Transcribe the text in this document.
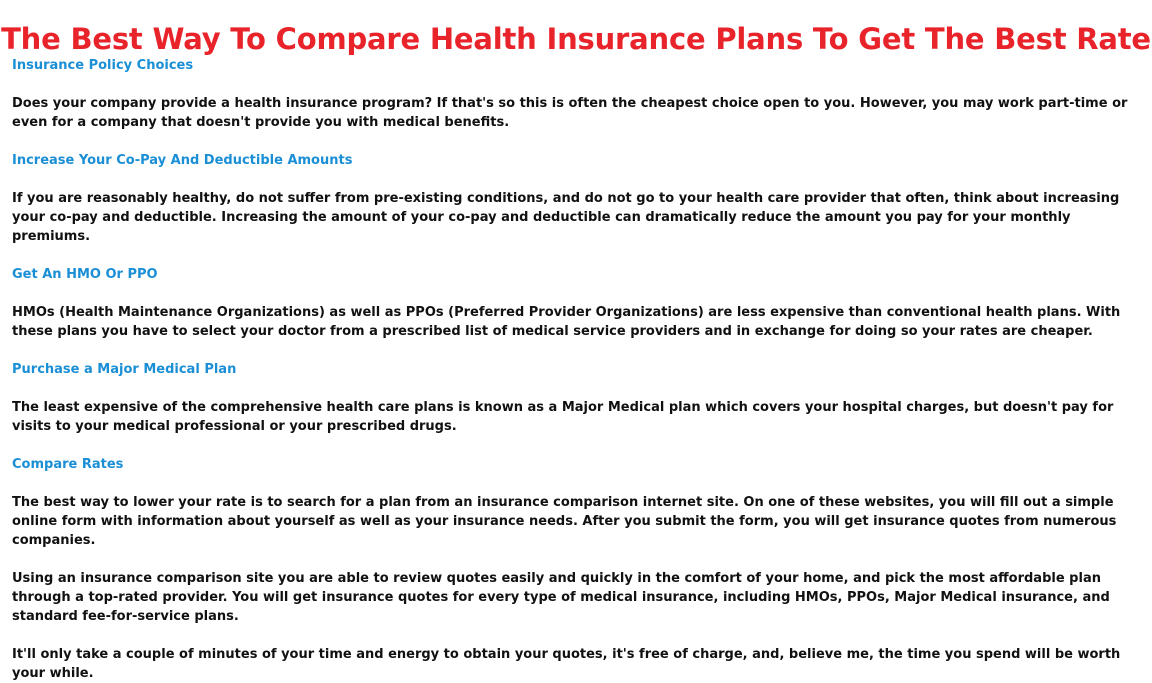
The Best Way To Compare Health Insurance Plans To Get The Best Rate
Insurance Policy Choices

Does your company provide a health insurance program? If that's so this is often the cheapest choice open to you. However, you may work part-time or even for a company that doesn't provide you with medical benefits.

Increase Your Co-Pay And Deductible Amounts

If you are reasonably healthy, do not suffer from pre-existing conditions, and do not go to your health care provider that often, think about increasing your co-pay and deductible. Increasing the amount of your co-pay and deductible can dramatically reduce the amount you pay for your monthly premiums.

Get An HMO Or PPO

HMOs (Health Maintenance Organizations) as well as PPOs (Preferred Provider Organizations) are less expensive than conventional health plans. With these plans you have to select your doctor from a prescribed list of medical service providers and in exchange for doing so your rates are cheaper.

Purchase a Major Medical Plan

The least expensive of the comprehensive health care plans is known as a Major Medical plan which covers your hospital charges, but doesn't pay for visits to your medical professional or your prescribed drugs.

Compare Rates

The best way to lower your rate is to search for a plan from an insurance comparison internet site. On one of these websites, you will fill out a simple online form with information about yourself as well as your insurance needs. After you submit the form, you will get insurance quotes from numerous companies.

Using an insurance comparison site you are able to review quotes easily and quickly in the comfort of your home, and pick the most affordable plan through a top-rated provider. You will get insurance quotes for every type of medical insurance, including HMOs, PPOs, Major Medical insurance, and standard fee-for-service plans.

It'll only take a couple of minutes of your time and energy to obtain your quotes, it's free of charge, and, believe me, the time you spend will be worth your while.
